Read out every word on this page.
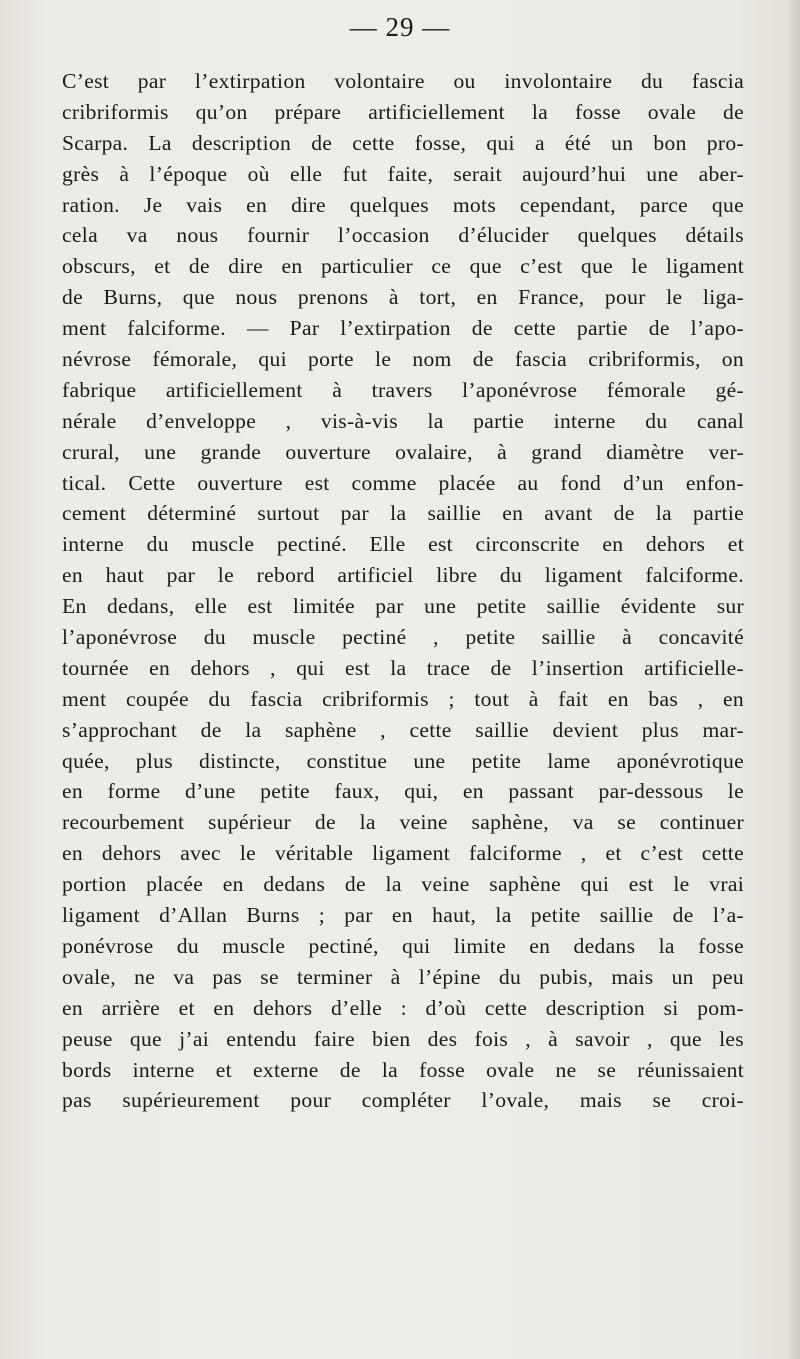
— 29 —
C’est par l’extirpation volontaire ou involontaire du fascia
cribriformis qu’on prépare artificiellement la fosse ovale de
Scarpa. La description de cette fosse, qui a été un bon pro-
grès à l’époque où elle fut faite, serait aujourd’hui une aber-
ration. Je vais en dire quelques mots cependant, parce que
cela va nous fournir l’occasion d’élucider quelques détails
obscurs, et de dire en particulier ce que c’est que le ligament
de Burns, que nous prenons à tort, en France, pour le liga-
ment falciforme. — Par l’extirpation de cette partie de l’apo-
névrose fémorale, qui porte le nom de fascia cribriformis, on
fabrique artificiellement à travers l’aponévrose fémorale gé-
nérale d’enveloppe , vis-à-vis la partie interne du canal
crural, une grande ouverture ovalaire, à grand diamètre ver-
tical. Cette ouverture est comme placée au fond d’un enfon-
cement déterminé surtout par la saillie en avant de la partie
interne du muscle pectiné. Elle est circonscrite en dehors et
en haut par le rebord artificiel libre du ligament falciforme.
En dedans, elle est limitée par une petite saillie évidente sur
l’aponévrose du muscle pectiné , petite saillie à concavité
tournée en dehors , qui est la trace de l’insertion artificielle-
ment coupée du fascia cribriformis ; tout à fait en bas , en
s’approchant de la saphène , cette saillie devient plus mar-
quée, plus distincte, constitue une petite lame aponévrotique
en forme d’une petite faux, qui, en passant par-dessous le
recourbement supérieur de la veine saphène, va se continuer
en dehors avec le véritable ligament falciforme , et c’est cette
portion placée en dedans de la veine saphène qui est le vrai
ligament d’Allan Burns ; par en haut, la petite saillie de l’a-
ponévrose du muscle pectiné, qui limite en dedans la fosse
ovale, ne va pas se terminer à l’épine du pubis, mais un peu
en arrière et en dehors d’elle : d’où cette description si pom-
peuse que j’ai entendu faire bien des fois , à savoir , que les
bords interne et externe de la fosse ovale ne se réunissaient
pas supérieurement pour compléter l’ovale, mais se croi-
